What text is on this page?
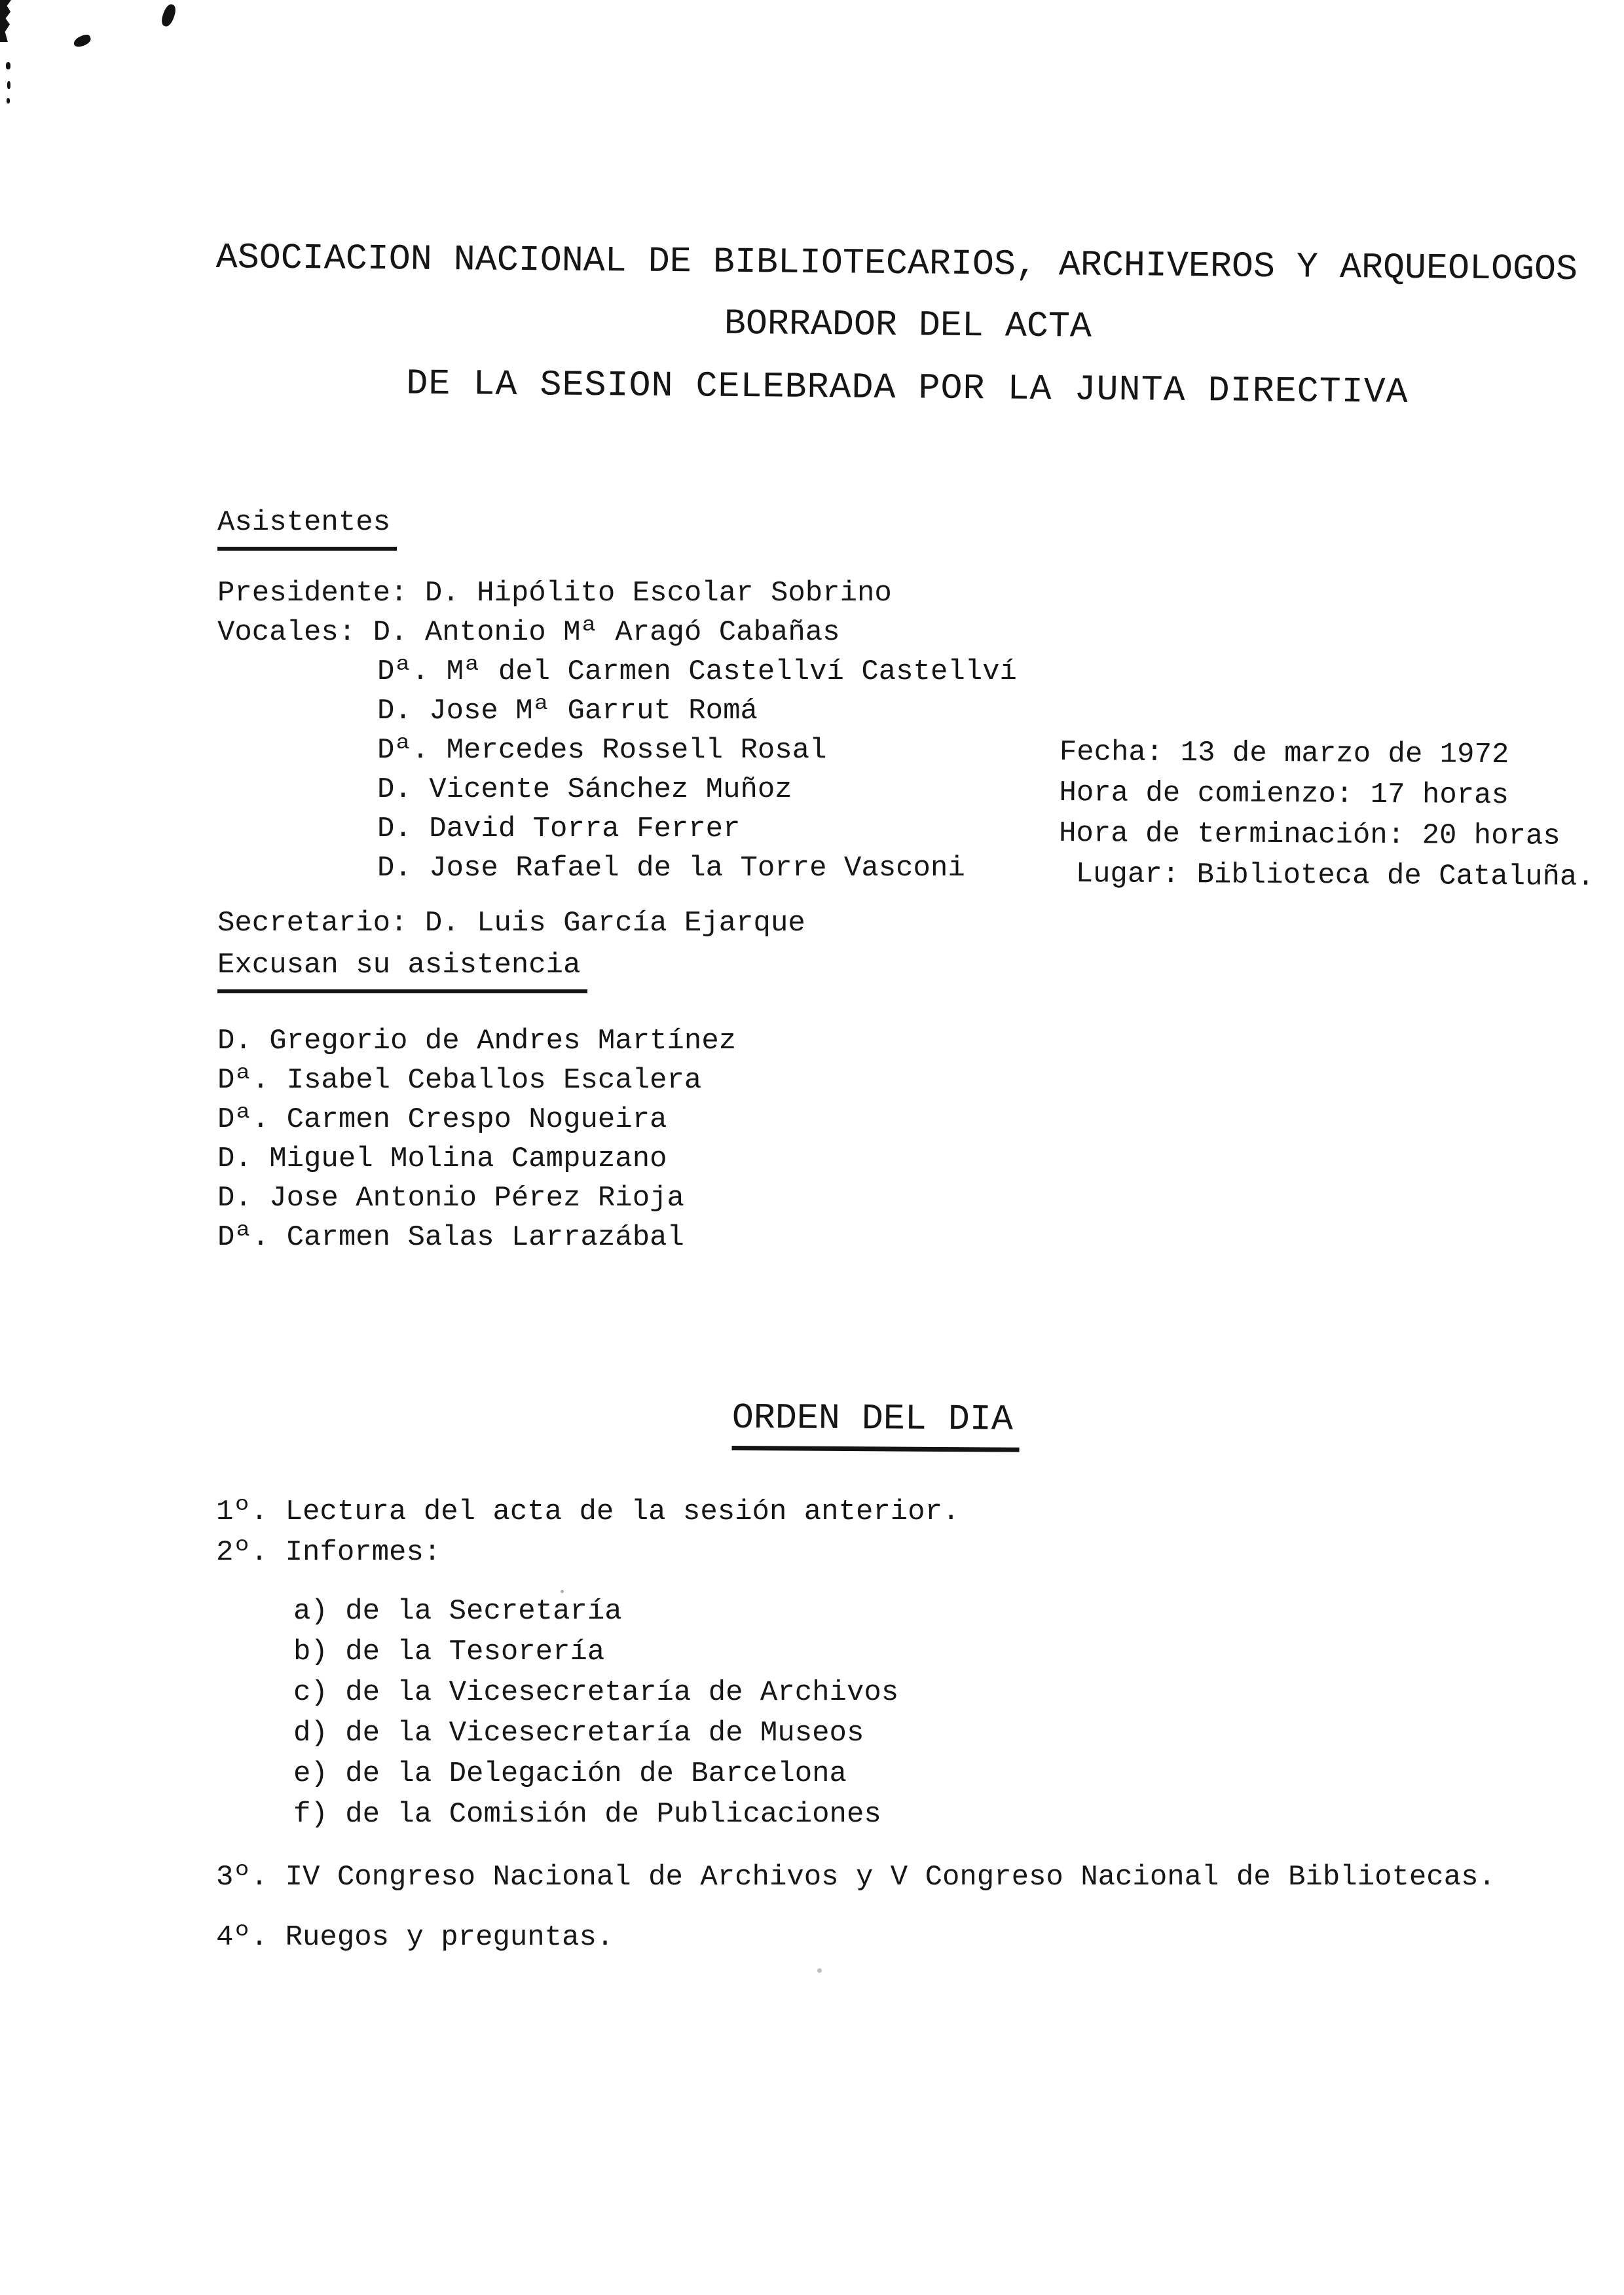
ASOCIACION NACIONAL DE BIBLIOTECARIOS, ARCHIVEROS Y ARQUEOLOGOS
BORRADOR DEL ACTA
DE LA SESION CELEBRADA POR LA JUNTA DIRECTIVA
Asistentes
Presidente: D. Hipólito Escolar Sobrino
Vocales: D. Antonio Mª Aragó Cabañas
Dª. Mª del Carmen Castellví Castellví
D. Jose Mª Garrut Romá
Dª. Mercedes Rossell Rosal
D. Vicente Sánchez Muñoz
D. David Torra Ferrer
D. Jose Rafael de la Torre Vasconi
Secretario: D. Luis García Ejarque
Fecha: 13 de marzo de 1972
Hora de comienzo: 17 horas
Hora de terminación: 20 horas
Lugar: Biblioteca de Cataluña.
Excusan su asistencia
D. Gregorio de Andres Martínez
Dª. Isabel Ceballos Escalera
Dª. Carmen Crespo Nogueira
D. Miguel Molina Campuzano
D. Jose Antonio Pérez Rioja
Dª. Carmen Salas Larrazábal
ORDEN DEL DIA
1º. Lectura del acta de la sesión anterior.
2º. Informes:
a) de la Secretaría
b) de la Tesorería
c) de la Vicesecretaría de Archivos
d) de la Vicesecretaría de Museos
e) de la Delegación de Barcelona
f) de la Comisión de Publicaciones
3º. IV Congreso Nacional de Archivos y V Congreso Nacional de Bibliotecas.
4º. Ruegos y preguntas.
